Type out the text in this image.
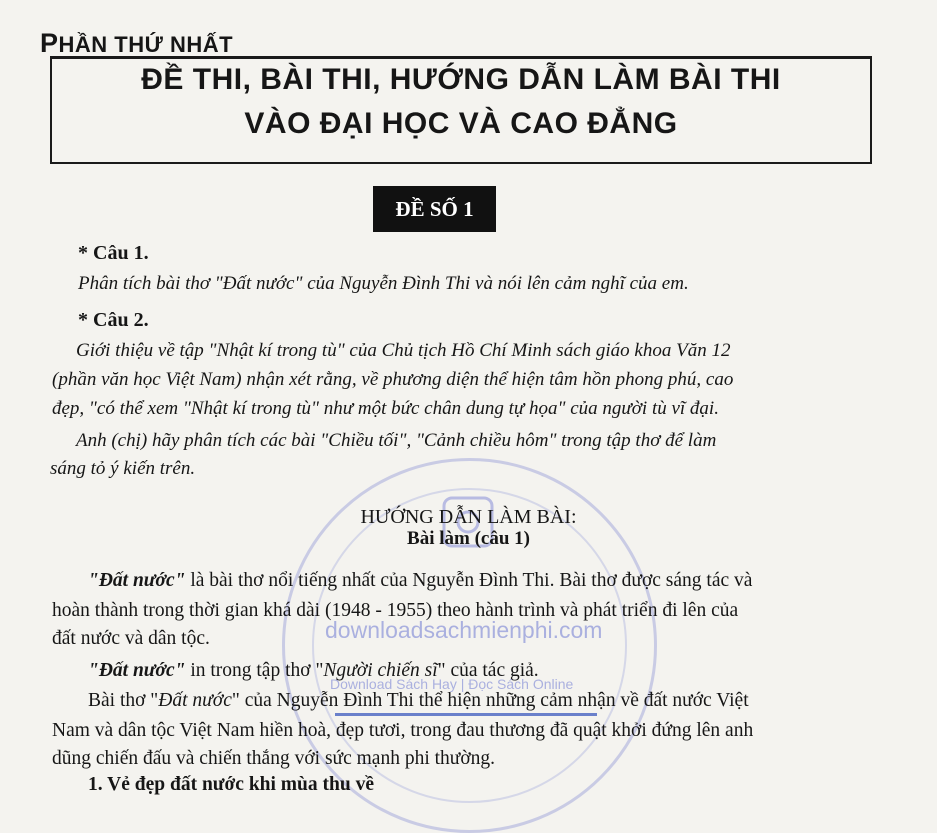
PHẦN THỨ NHẤT
ĐỀ THI, BÀI THI, HƯỚNG DẪN LÀM BÀI THI
VÀO ĐẠI HỌC VÀ CAO ĐẲNG
ĐỀ SỐ 1
* Câu 1.
Phân tích bài thơ "Đất nước" của Nguyễn Đình Thi và nói lên cảm nghĩ của em.
* Câu 2.
Giới thiệu về tập "Nhật kí trong tù" của Chủ tịch Hồ Chí Minh sách giáo khoa Văn 12
(phần văn học Việt Nam) nhận xét rằng, về phương diện thể hiện tâm hồn phong phú, cao
đẹp, "có thể xem "Nhật kí trong tù" như một bức chân dung tự họa" của người tù vĩ đại.
Anh (chị) hãy phân tích các bài "Chiều tối", "Cảnh chiều hôm" trong tập thơ để làm
sáng tỏ ý kiến trên.
HƯỚNG DẪN LÀM BÀI:
Bài làm (câu 1)
"Đất nước" là bài thơ nổi tiếng nhất của Nguyễn Đình Thi. Bài thơ được sáng tác và
hoàn thành trong thời gian khá dài (1948 - 1955) theo hành trình và phát triển đi lên của
đất nước và dân tộc.	downloadsachmienphi.com
"Đất nước" in trong tập thơ "Người chiến sĩ" của tác giả.
Download Sách Hay | Đọc Sách Online
Bài thơ "Đất nước" của Nguyễn Đình Thi thể hiện những cảm nhận về đất nước Việt
Nam và dân tộc Việt Nam hiền hoà, đẹp tươi, trong đau thương đã quật khởi đứng lên anh
dũng chiến đấu và chiến thắng với sức mạnh phi thường.
1. Vẻ đẹp đất nước khi mùa thu về
